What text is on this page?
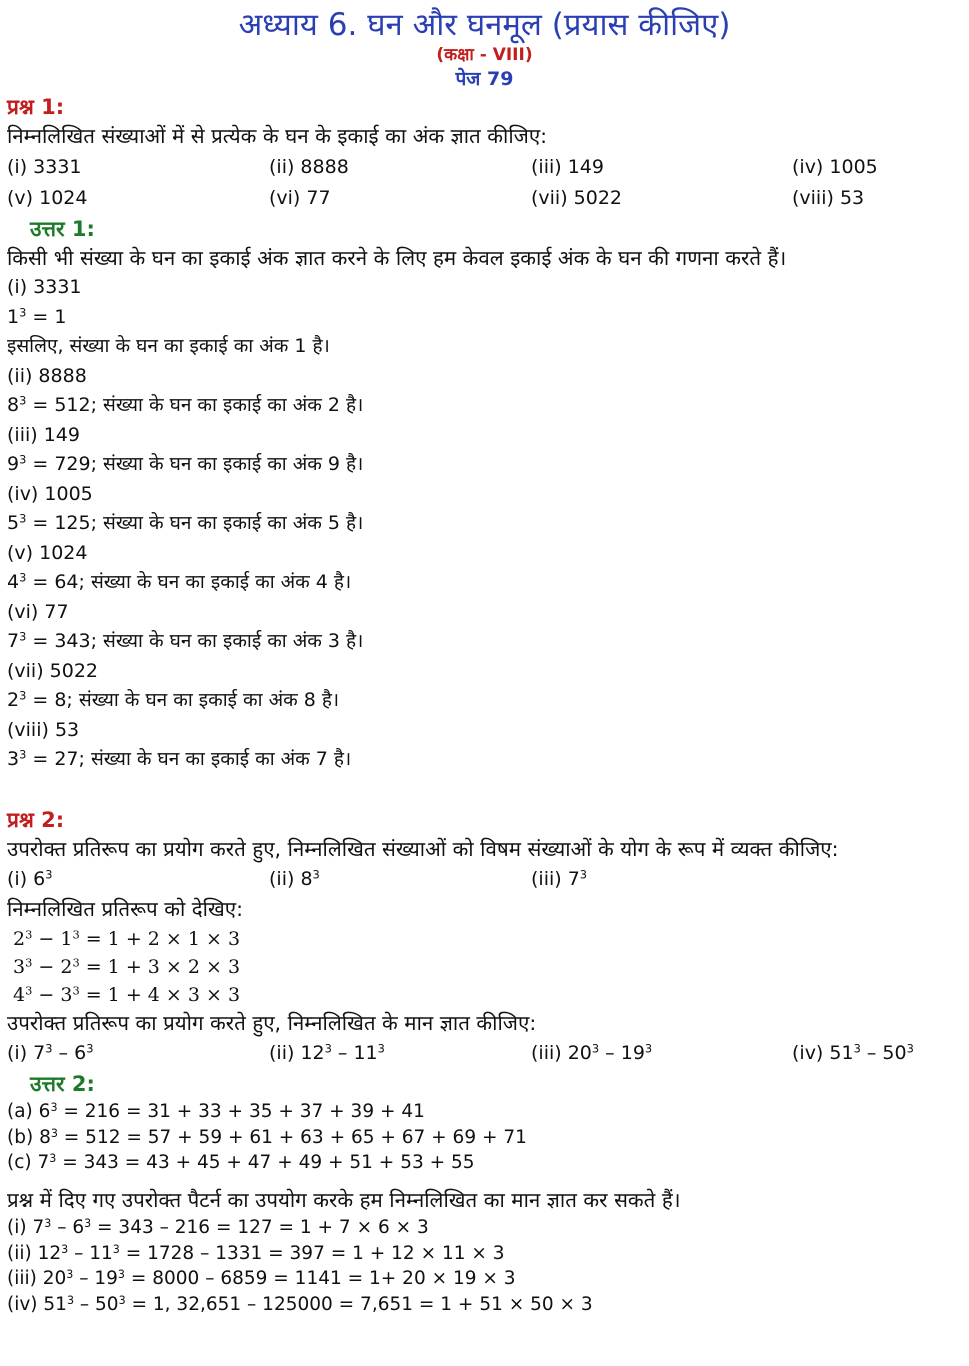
अध्याय 6. घन और घनमूल (प्रयास कीजिए)
(कक्षा - VIII)
पेज 79
प्रश्न 1:
निम्नलिखित संख्याओं में से प्रत्येक के घन के इकाई का अंक ज्ञात कीजिए:
(i) 3331	(ii) 8888	(iii) 149	(iv) 1005
(v) 1024	(vi) 77	(vii) 5022	(viii) 53
उत्तर 1:
किसी भी संख्या के घन का इकाई अंक ज्ञात करने के लिए हम केवल इकाई अंक के घन की गणना करते हैं।
(i) 3331
$1^3 = 1$
इसलिए, संख्या के घन का इकाई का अंक 1 है।
(ii) 8888
$8^3 = 512$; संख्या के घन का इकाई का अंक 2 है।
(iii) 149
$9^3 = 729$; संख्या के घन का इकाई का अंक 9 है।
(iv) 1005
$5^3 = 125$; संख्या के घन का इकाई का अंक 5 है।
(v) 1024
$4^3 = 64$; संख्या के घन का इकाई का अंक 4 है।
(vi) 77
$7^3 = 343$; संख्या के घन का इकाई का अंक 3 है।
(vii) 5022
$2^3 = 8$; संख्या के घन का इकाई का अंक 8 है।
(viii) 53
$3^3 = 27$; संख्या के घन का इकाई का अंक 7 है।
प्रश्न 2:
उपरोक्त प्रतिरूप का प्रयोग करते हुए, निम्नलिखित संख्याओं को विषम संख्याओं के योग के रूप में व्यक्त कीजिए:
(i) $6^3$	(ii) $8^3$	(iii) $7^3$
निम्नलिखित प्रतिरूप को देखिए:
$2^3 - 1^3 = 1 + 2 \times 1 \times 3$
$3^3 - 2^3 = 1 + 3 \times 2 \times 3$
$4^3 - 3^3 = 1 + 4 \times 3 \times 3$
उपरोक्त प्रतिरूप का प्रयोग करते हुए, निम्नलिखित के मान ज्ञात कीजिए:
(i) $7^3 - 6^3$	(ii) $12^3 - 11^3$	(iii) $20^3 - 19^3$	(iv) $51^3 - 50^3$
उत्तर 2:
(a) $6^3 = 216 = 31 + 33 + 35 + 37 + 39 + 41$
(b) $8^3 = 512 = 57 + 59 + 61 + 63 + 65 + 67 + 69 + 71$
(c) $7^3 = 343 = 43 + 45 + 47 + 49 + 51 + 53 + 55$
प्रश्न में दिए गए उपरोक्त पैटर्न का उपयोग करके हम निम्नलिखित का मान ज्ञात कर सकते हैं।
(i) $7^3 - 6^3 = 343 - 216 = 127 = 1 + 7 \times 6 \times 3$
(ii) $12^3 - 11^3 = 1728 - 1331 = 397 = 1 + 12 \times 11 \times 3$
(iii) $20^3 - 19^3 = 8000 - 6859 = 1141 = 1+ 20 \times 19 \times 3$
(iv) $51^3 - 50^3 = 1$, 32,651 – 125000 = 7,651 = 1 + 51 × 50 × 3
